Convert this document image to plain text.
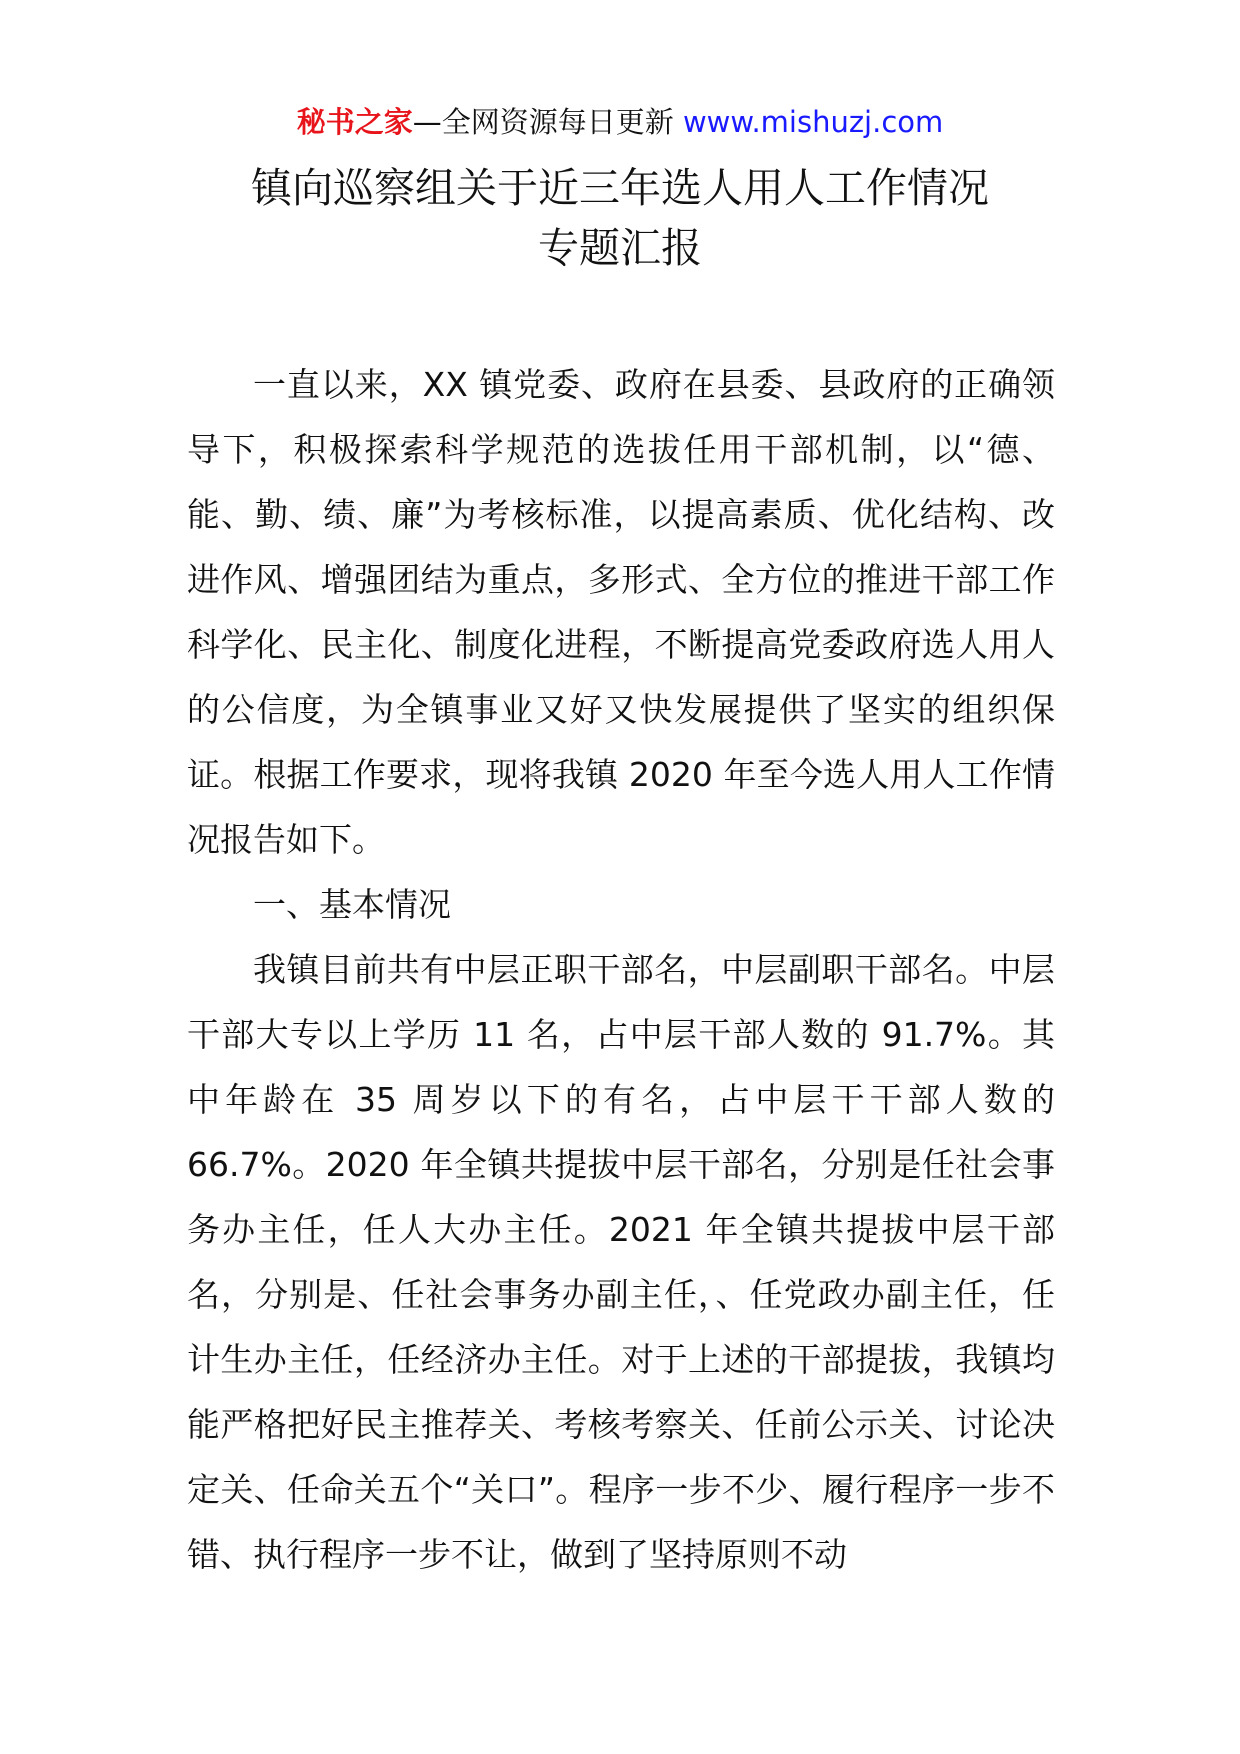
秘书之家—全网资源每日更新 www.mishuzj.com
镇向巡察组关于近三年选人用人工作情况
专题汇报

一直以来，XX 镇党委、政府在县委、县政府的正确领导下，积极探索科学规范的选拔任用干部机制，以“德、能、勤、绩、廉”为考核标准，以提高素质、优化结构、改进作风、增强团结为重点，多形式、全方位的推进干部工作科学化、民主化、制度化进程，不断提高党委政府选人用人的公信度，为全镇事业又好又快发展提供了坚实的组织保证。根据工作要求，现将我镇 2020 年至今选人用人工作情况报告如下。

一、基本情况

我镇目前共有中层正职干部名，中层副职干部名。中层干部大专以上学历 11 名，占中层干部人数的 91.7%。其中年龄在 35 周岁以下的有名，占中层干干部人数的 66.7%。2020 年全镇共提拔中层干部名，分别是任社会事务办主任，任人大办主任。2021 年全镇共提拔中层干部名，分别是、任社会事务办副主任，、任党政办副主任，任计生办主任，任经济办主任。对于上述的干部提拔，我镇均能严格把好民主推荐关、考核考察关、任前公示关、讨论决定关、任命关五个“关口”。程序一步不少、履行程序一步不错、执行程序一步不让，做到了坚持原则不动
